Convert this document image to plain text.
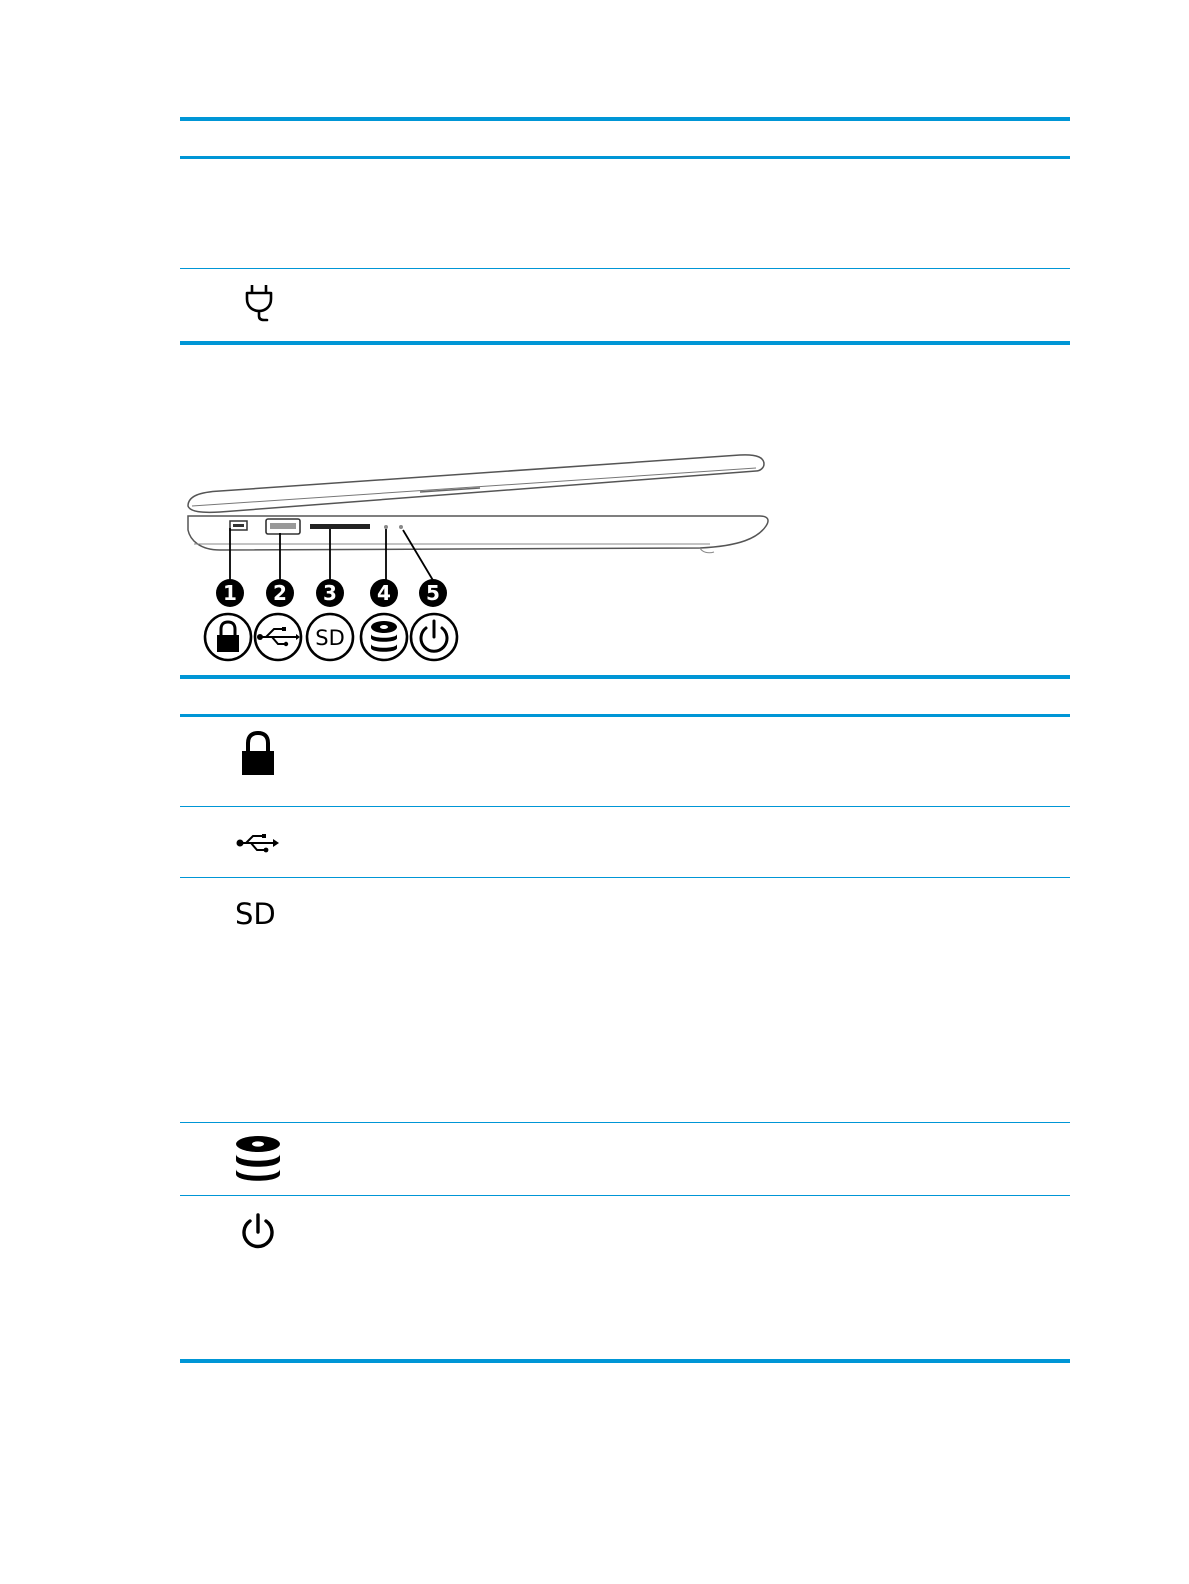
1 2 3 4 5
SD
SD
